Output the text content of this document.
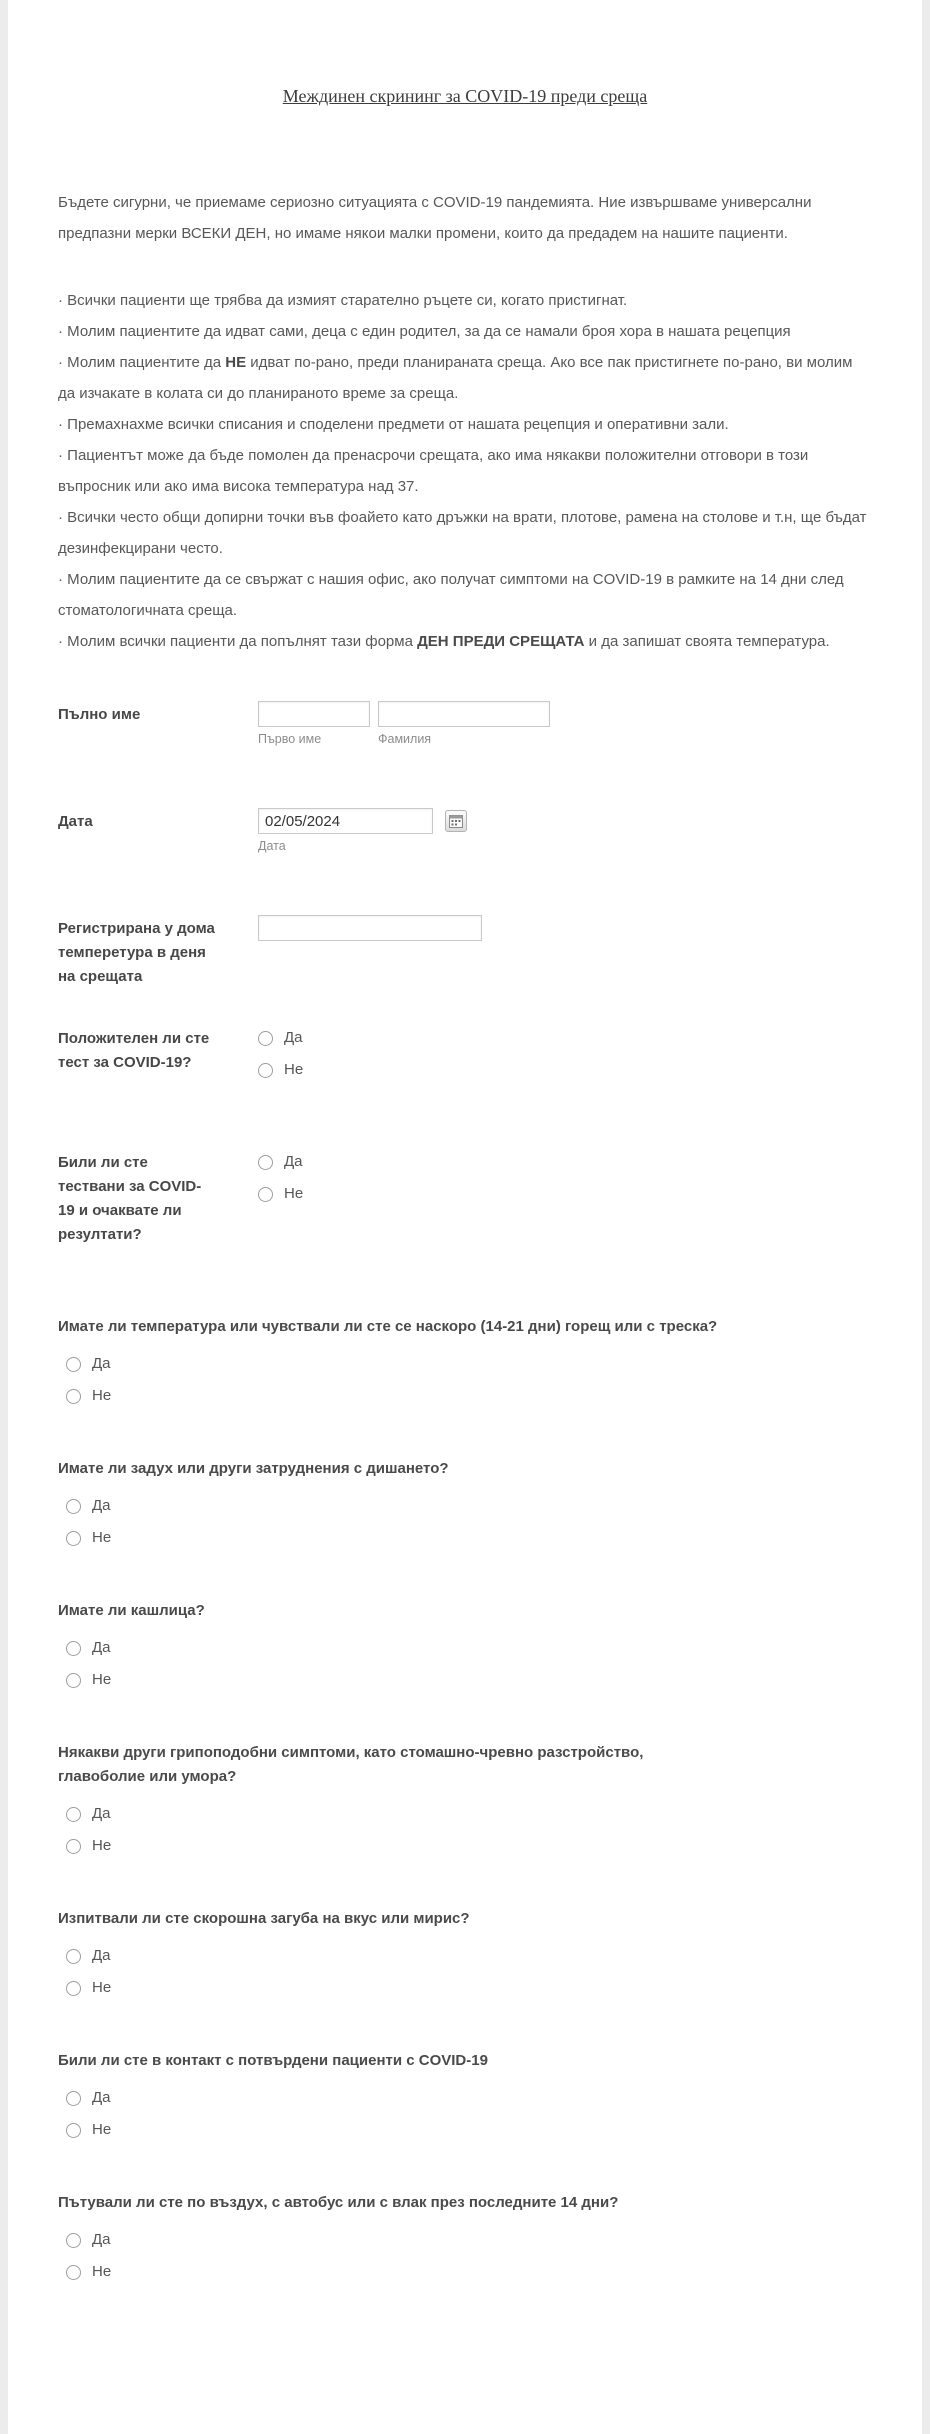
Междинен скрининг за COVID-19 преди среща

Бъдете сигурни, че приемаме сериозно ситуацията с COVID-19 пандемията. Ние извършваме универсални предпазни мерки ВСЕКИ ДЕН, но имаме някои малки промени, които да предадем на нашите пациенти.

· Всички пациенти ще трябва да измият старателно ръцете си, когато пристигнат.

· Молим пациентите да идват сами, деца с един родител, за да се намали броя хора в нашата рецепция

· Молим пациентите да НЕ идват по-рано, преди планираната среща. Ако все пак пристигнете по-рано, ви молим да изчакате в колата си до планираното време за среща.

· Премахнахме всички списания и споделени предмети от нашата рецепция и оперативни зали.

· Пациентът може да бъде помолен да пренасрочи срещата, ако има някакви положителни отговори в този въпросник или ако има висока температура над 37.

· Всички често общи допирни точки във фоайето като дръжки на врати, плотове, рамена на столове и т.н, ще бъдат дезинфекцирани често.

· Молим пациентите да се свържат с нашия офис, ако получат симптоми на COVID-19 в рамките на 14 дни след стоматологичната среща.

· Молим всички пациенти да попълнят тази форма ДЕН ПРЕДИ СРЕЩАТА и да запишат своята температура.

Пълно име
Първо име	Фамилия
Дата
02/05/2024
Дата
Регистрирана у дома темперетура в деня на срещата
Положителен ли сте тест за COVID-19?
Да
Не
Били ли сте тествани за COVID-19 и очаквате ли резултати?
Да
Не

Имате ли температура или чувствали ли сте се наскоро (14-21 дни) горещ или с треска?

Да
Не

Имате ли задух или други затруднения с дишането?

Да
Не

Имате ли кашлица?

Да
Не

Някакви други грипоподобни симптоми, като стомашно-чревно разстройство, главоболие или умора?

Да
Не

Изпитвали ли сте скорошна загуба на вкус или мирис?

Да
Не

Били ли сте в контакт с потвърдени пациенти с COVID-19

Да
Не

Пътували ли сте по въздух, с автобус или с влак през последните 14 дни?

Да
Не
